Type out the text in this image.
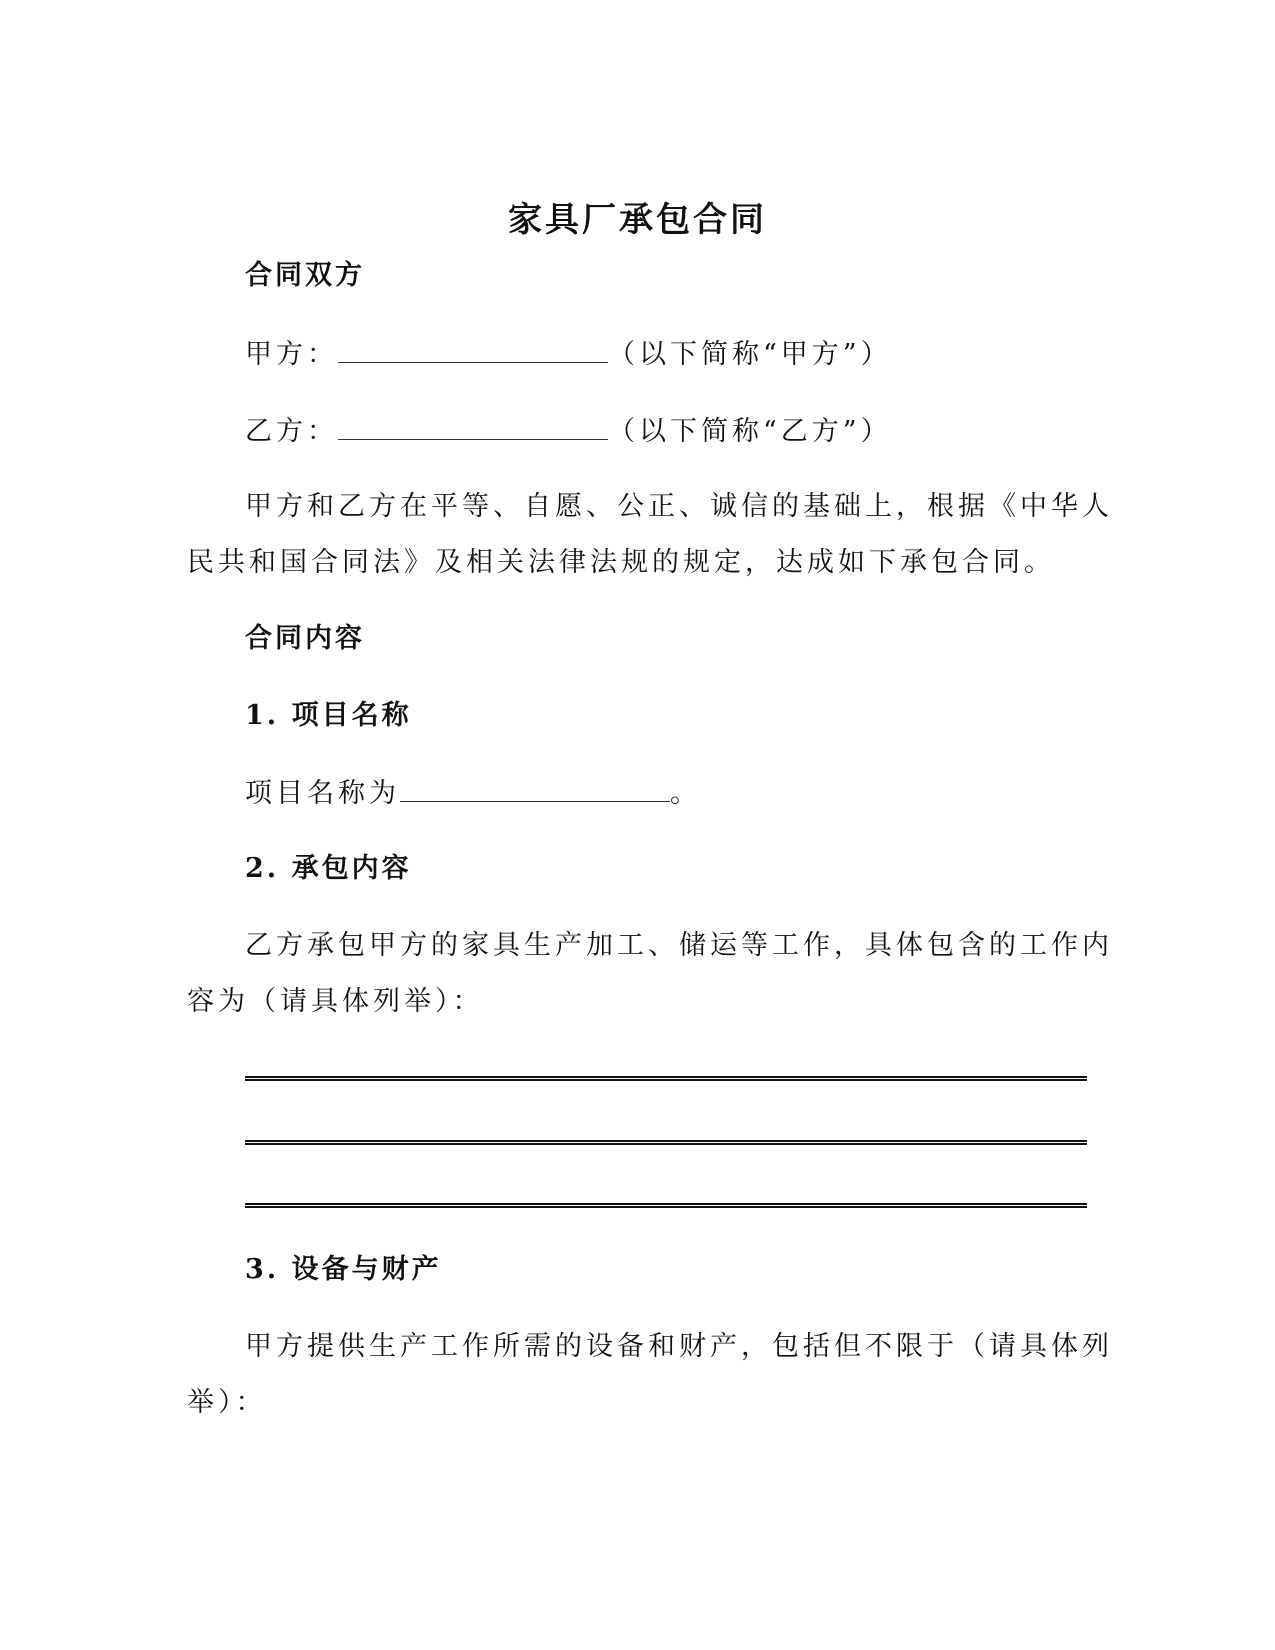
家具厂承包合同
合同双方
甲方：	（以下简称“甲方”）
乙方：	（以下简称“乙方”）
甲方和乙方在平等、自愿、公正、诚信的基础上，根据《中华人
民共和国合同法》及相关法律法规的规定，达成如下承包合同。
合同内容
1. 项目名称
项目名称为	。
2. 承包内容
乙方承包甲方的家具生产加工、储运等工作，具体包含的工作内
容为（请具体列举）：
3. 设备与财产
甲方提供生产工作所需的设备和财产，包括但不限于（请具体列
举）：
